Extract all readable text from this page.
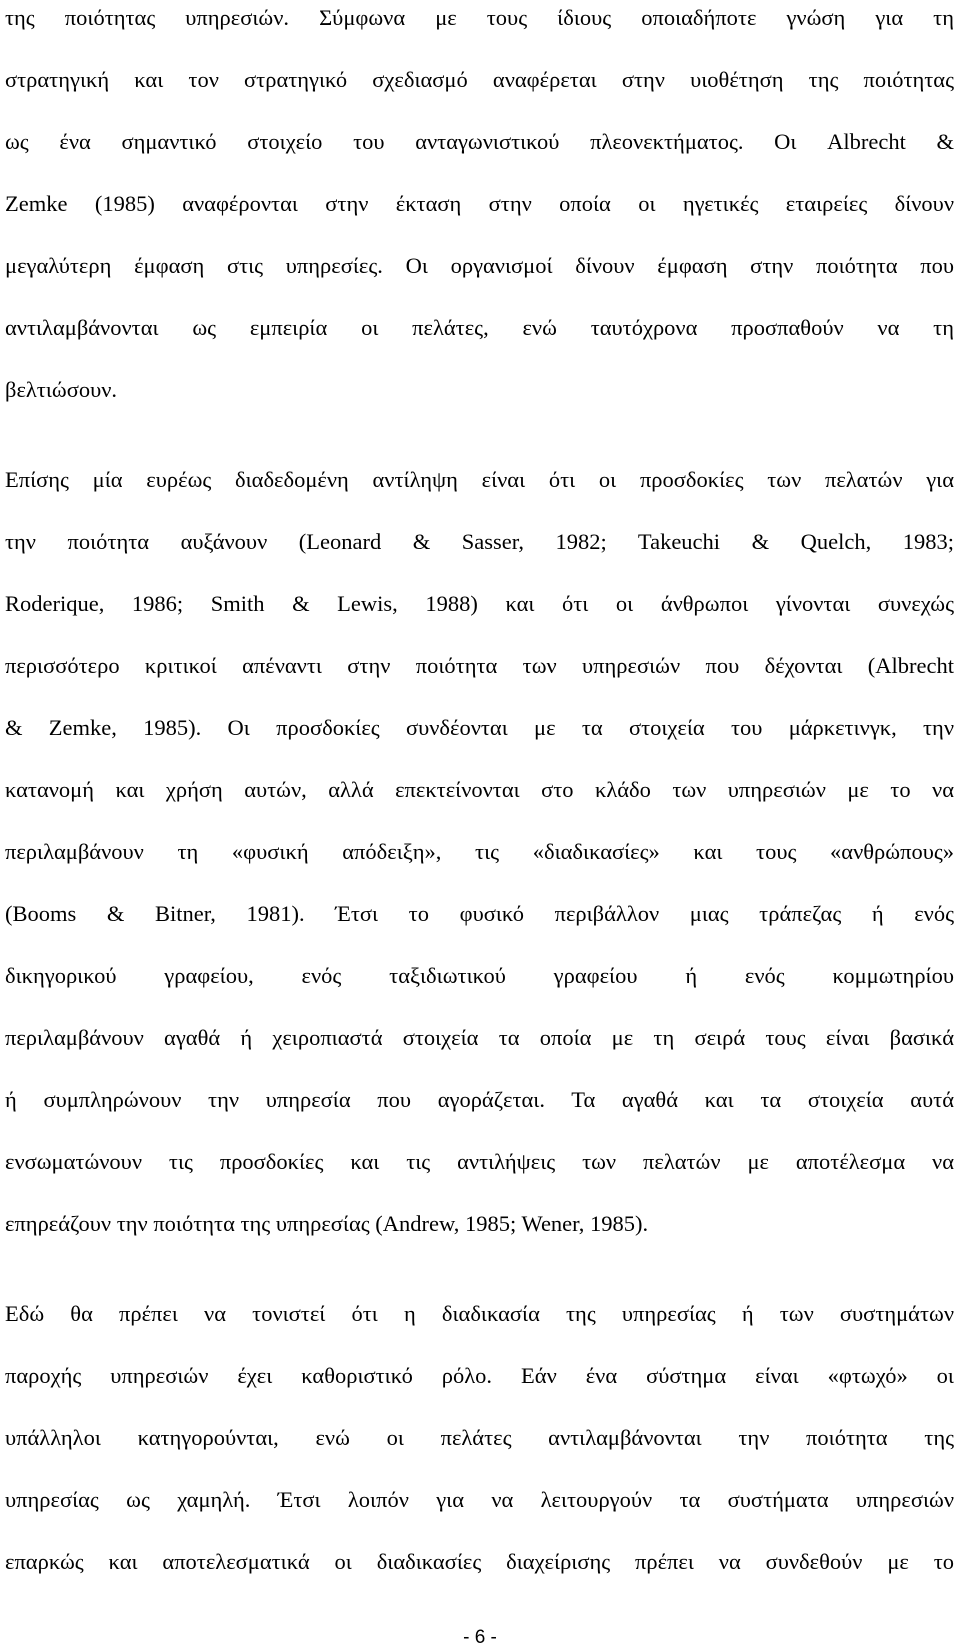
της ποιότητας υπηρεσιών. Σύμφωνα με τους ίδιους οποιαδήποτε γνώση για τη
στρατηγική και τον στρατηγικό σχεδιασμό αναφέρεται στην υιοθέτηση της ποιότητας
ως ένα σημαντικό στοιχείο του ανταγωνιστικού πλεονεκτήματος. Οι Albrecht &
Zemke (1985) αναφέρονται στην έκταση στην οποία οι ηγετικές εταιρείες δίνουν
μεγαλύτερη έμφαση στις υπηρεσίες. Οι οργανισμοί δίνουν έμφαση στην ποιότητα που
αντιλαμβάνονται ως εμπειρία οι πελάτες, ενώ ταυτόχρονα προσπαθούν να τη
βελτιώσουν.
Επίσης μία ευρέως διαδεδομένη αντίληψη είναι ότι οι προσδοκίες των πελατών για
την ποιότητα αυξάνουν (Leonard & Sasser, 1982; Takeuchi & Quelch, 1983;
Roderique, 1986; Smith & Lewis, 1988) και ότι οι άνθρωποι γίνονται συνεχώς
περισσότερο κριτικοί απέναντι στην ποιότητα των υπηρεσιών που δέχονται (Albrecht
& Zemke, 1985). Οι προσδοκίες συνδέονται με τα στοιχεία του μάρκετινγκ, την
κατανομή και χρήση αυτών, αλλά επεκτείνονται στο κλάδο των υπηρεσιών με το να
περιλαμβάνουν τη «φυσική απόδειξη», τις «διαδικασίες» και τους «ανθρώπους»
(Booms & Bitner, 1981). Έτσι το φυσικό περιβάλλον μιας τράπεζας ή ενός
δικηγορικού γραφείου, ενός ταξιδιωτικού γραφείου ή ενός κομμωτηρίου
περιλαμβάνουν αγαθά ή χειροπιαστά στοιχεία τα οποία με τη σειρά τους είναι βασικά
ή συμπληρώνουν την υπηρεσία που αγοράζεται. Τα αγαθά και τα στοιχεία αυτά
ενσωματώνουν τις προσδοκίες και τις αντιλήψεις των πελατών με αποτέλεσμα να
επηρεάζουν την ποιότητα της υπηρεσίας (Andrew, 1985; Wener, 1985).
Εδώ θα πρέπει να τονιστεί ότι η διαδικασία της υπηρεσίας ή των συστημάτων
παροχής υπηρεσιών έχει καθοριστικό ρόλο. Εάν ένα σύστημα είναι «φτωχό» οι
υπάλληλοι κατηγορούνται, ενώ οι πελάτες αντιλαμβάνονται την ποιότητα της
υπηρεσίας ως χαμηλή. Έτσι λοιπόν για να λειτουργούν τα συστήματα υπηρεσιών
επαρκώς και αποτελεσματικά οι διαδικασίες διαχείρισης πρέπει να συνδεθούν με το
- 6 -
